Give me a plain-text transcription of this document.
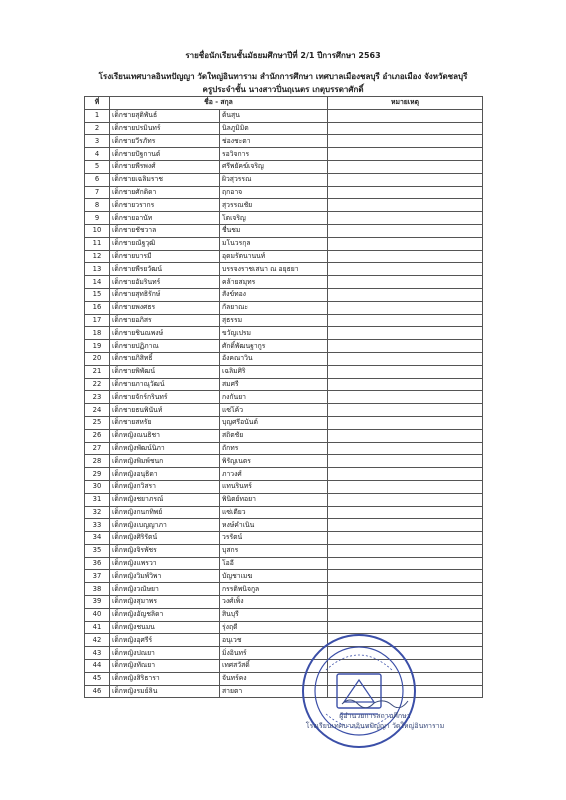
รายชื่อนักเรียนชั้นมัธยมศึกษาปีที่ 2/1 ปีการศึกษา 2563
โรงเรียนเทศบาลอินทปัญญา วัดใหญ่อินทาราม สำนักการศึกษา เทศบาลเมืองชลบุรี อำเภอเมือง จังหวัดชลบุรี
ครูประจำชั้น นางสาวปิ่นฤเนตร เกตุบรรดาศักดิ์
ที่	ชื่อ - สกุล		หมายเหตุ
1	เด็กชายสุติพันธ์	ต้นสุน	
2	เด็กชายปรมินทร์	นิลภูมิมิต	
3	เด็กชายวีรภัทร	ช่องชะตา	
4	เด็กชายปัฐกานต์	รอวิจการ	
5	เด็กชายพีรพงศ์	ศรีพยัคฆ์เจริญ	
6	เด็กชายเฉลิมราช	ผิวสุวรรณ	
7	เด็กชายศักดิดา	ฤกอาจ	
8	เด็กชายวรากร	สุวรรณชัย	
9	เด็กชายอานัท	โตเจริญ	
10	เด็กชายชัชวาล	ชื่นชม	
11	เด็กชายณัฐวุฒิ	มโนวรกุล	
12	เด็กชายบารมี	อุดมรัตนานนท์	
13	เด็กชายพีรยวัฒน์	บรรจงราชเสนา ณ อยุธยา	
14	เด็กชายอัมรินทร์	คล้ายสมุทร	
15	เด็กชายสุทธิรักษ์	สังข์ทอง	
16	เด็กชายพงศธร	กัลยาณะ	
17	เด็กชายอภิสร	สุธรรม	
18	เด็กชายชินณพงษ์	ขวัญเปรม	
19	เด็กชายปฏิภาณ	ศักดิ์พัฒนฐากูร	
20	เด็กชายภิสิทธิ์	อังคณาวิน	
21	เด็กชายพิพัฒน์	เฉลิมศิริ	
22	เด็กชายภาณุวัฒน์	สมศรี	
23	เด็กชายจักร์กรินทร์	กงกันยา	
24	เด็กชายธนพินันท์	แซ่โค้ว	
25	เด็กชายสหรัย	บุญศรีอนันต์	
26	เด็กหญิงณนธิชา	สถิตชัย	
27	เด็กหญิงพัฒน์นิภา	ถักทร	
28	เด็กหญิงพิมพ์ชนก	พิรัญเนตร	
29	เด็กหญิงอนุธิดา	ภาวงศ์	
30	เด็กหญิงกวิสรา	แทนรินทร์	
31	เด็กหญิงชยาภรณ์	พินิตย์ทอยา	
32	เด็กหญิงกนกทิพย์	แซ่เตียว	
33	เด็กหญิงเบญญาภา	หงษ์คำเนิน	
34	เด็กหญิงศิริรัตน์	วรรัตน์	
35	เด็กหญิงจิรพัชร	บุสกร	
36	เด็กหญิงแพรวา	โออี	
37	เด็กหญิงวิมพ์วิพา	บัญชาเมฆ	
38	เด็กหญิงวณัษยา	กรรติพนิจกูล	
39	เด็กหญิงสุมาพร	วงศ์เพ็ง	
40	เด็กหญิงอัญชลิดา	สินบุรี	
41	เด็กหญิงชนมน	รุ่งฤดี	
42	เด็กหญิงอุศรีร์	อนุเวช	
43	เด็กหญิงปณยา	มิ่งอินทร์	
44	เด็กหญิงทัณยา	เทศสวัสดิ์	
45	เด็กหญิงสิริธารา	จันทร์คง	
46	เด็กหญิงรมย์ลิน	สายตา	
ผู้อำนวยการสถานศึกษา
โรงเรียนเทศบาลอินทปัญญา วัดใหญ่อินทาราม
